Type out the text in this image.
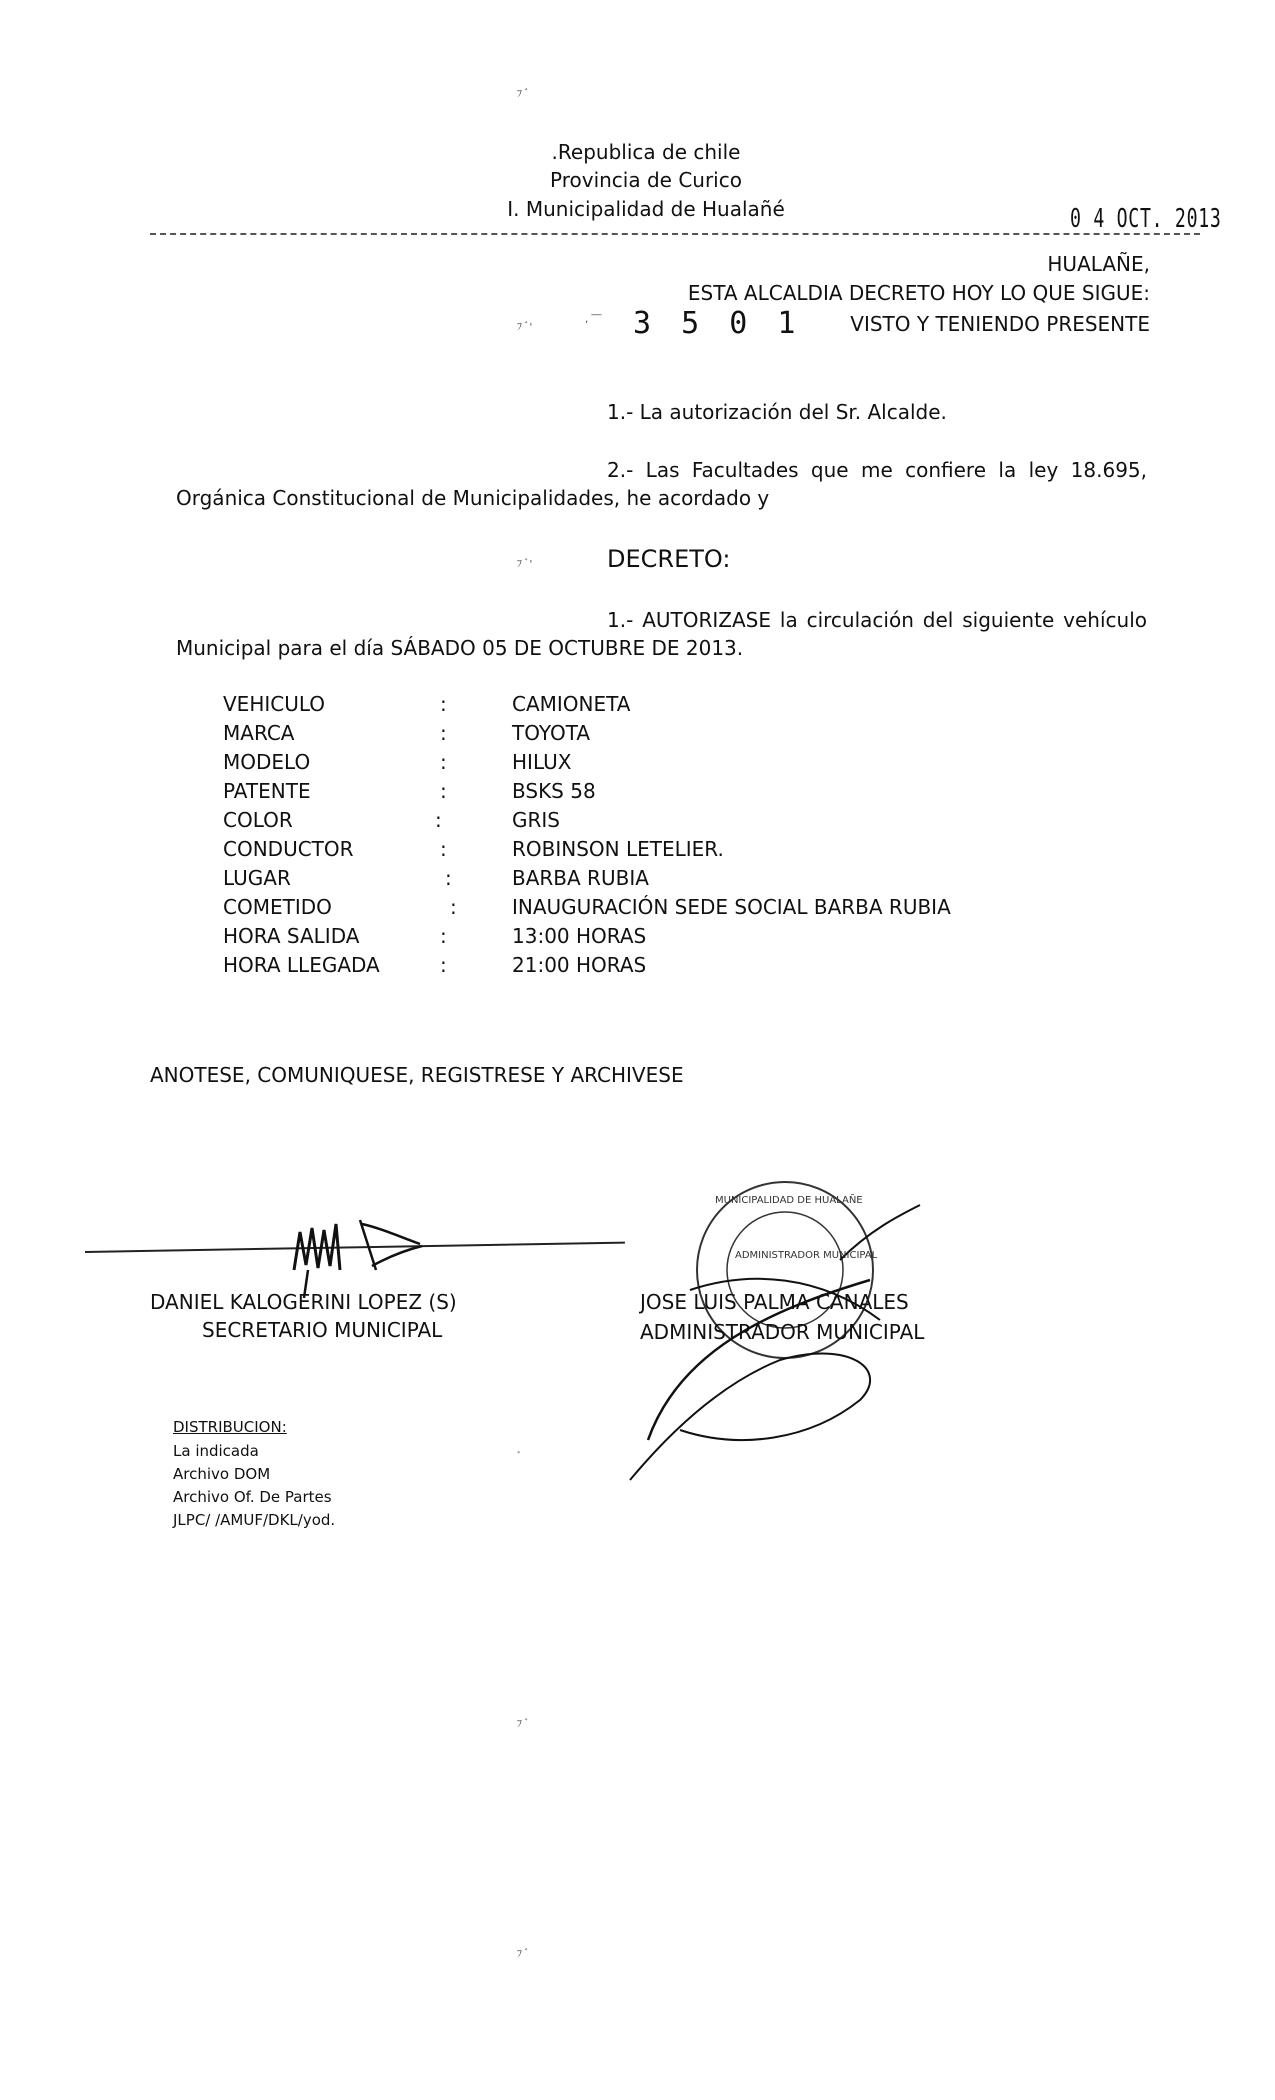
ﾌ ﾞ
ﾌ ﾞ
ﾌ ﾞ
.Republica de chile
Provincia de Curico
I. Municipalidad de Hualañé	0 4 OCT. 2013
HUALAÑE,
ESTA ALCALDIA DECRETO HOY LO QUE SIGUE:
3 5 0 1
, ‾‾
ﾌ ﾞ'	VISTO Y TENIENDO PRESENTE
1.- La autorización del Sr. Alcalde.
2.- Las Facultades que me confiere la ley 18.695,
Orgánica Constitucional de Municipalidades, he acordado y
ﾌ ﾞ'	DECRETO:
1.- AUTORIZASE la circulación del siguiente vehículo
Municipal para el día SÁBADO 05 DE OCTUBRE DE 2013.
VEHICULO	:	CAMIONETA
MARCA	:	TOYOTA
MODELO	:	HILUX
PATENTE	:	BSKS 58
COLOR	:	GRIS
CONDUCTOR	:	ROBINSON LETELIER.
LUGAR	:	BARBA RUBIA
COMETIDO	:	INAUGURACIÓN SEDE SOCIAL BARBA RUBIA
HORA SALIDA	:	13:00 HORAS
HORA LLEGADA	:	21:00 HORAS
ANOTESE, COMUNIQUESE, REGISTRESE Y ARCHIVESE
DANIEL KALOGERINI LOPEZ (S)
SECRETARIO MUNICIPAL
ADMINISTRADOR MUNICIPAL
MUNICIPALIDAD DE HUALAÑE
JOSE LUIS PALMA CANALES
ADMINISTRADOR MUNICIPAL
DISTRIBUCION:
La indicada
Archivo DOM
Archivo Of. De Partes
JLPC/ /AMUF/DKL/yod.
ﾞ
